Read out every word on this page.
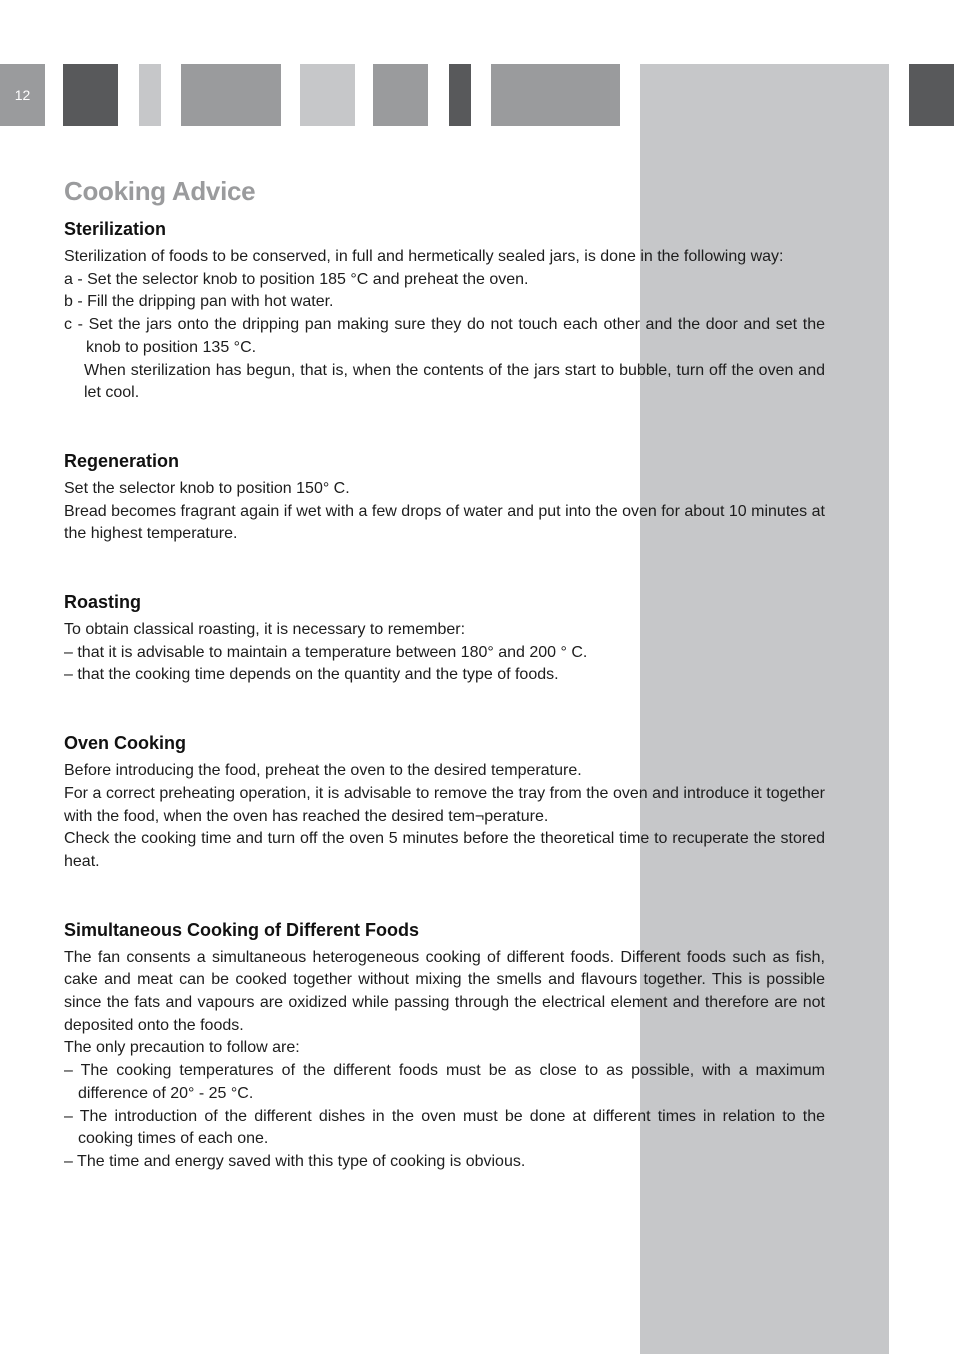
12
Cooking Advice
Sterilization

Sterilization of foods to be conserved, in full and hermetically sealed jars, is done in the following way:

a - Set the selector knob to position 185 °C and preheat the oven.

b - Fill the dripping pan with hot water.

c - Set the jars onto the dripping pan making sure they do not touch each other and the door and set the knob to position 135 °C.

When sterilization has begun, that is, when the contents of the jars start to bubble, turn off the oven and let cool.

Regeneration

Set the selector knob to position 150° C.

Bread becomes fragrant again if wet with a few drops of water and put into the oven for about 10 minutes at the highest temperature.

Roasting

To obtain classical roasting, it is necessary to remember:

– that it is advisable to maintain a temperature between 180° and 200 ° C.

– that the cooking time depends on the quantity and the type of foods.

Oven Cooking

Before introducing the food, preheat the oven to the desired temperature.

For a correct preheating operation, it is advisable to remove the tray from the oven and introduce it together with the food, when the oven has reached the desired tem¬perature.

Check the cooking time and turn off the oven 5 minutes before the theoretical time to recuperate the stored heat.

Simultaneous Cooking of Different Foods

The fan consents a simultaneous heterogeneous cooking of different foods. Different foods such as fish, cake and meat can be cooked together without mixing the smells and flavours together. This is possible since the fats and vapours are oxidized while passing through the electrical element and therefore are not deposited onto the foods.

The only precaution to follow are:

– The cooking temperatures of the different foods must be as close to as possible, with a maximum difference of 20° - 25 °C.

– The introduction of the different dishes in the oven must be done at different times in relation to the cooking times of each one.

– The time and energy saved with this type of cooking is obvious.
